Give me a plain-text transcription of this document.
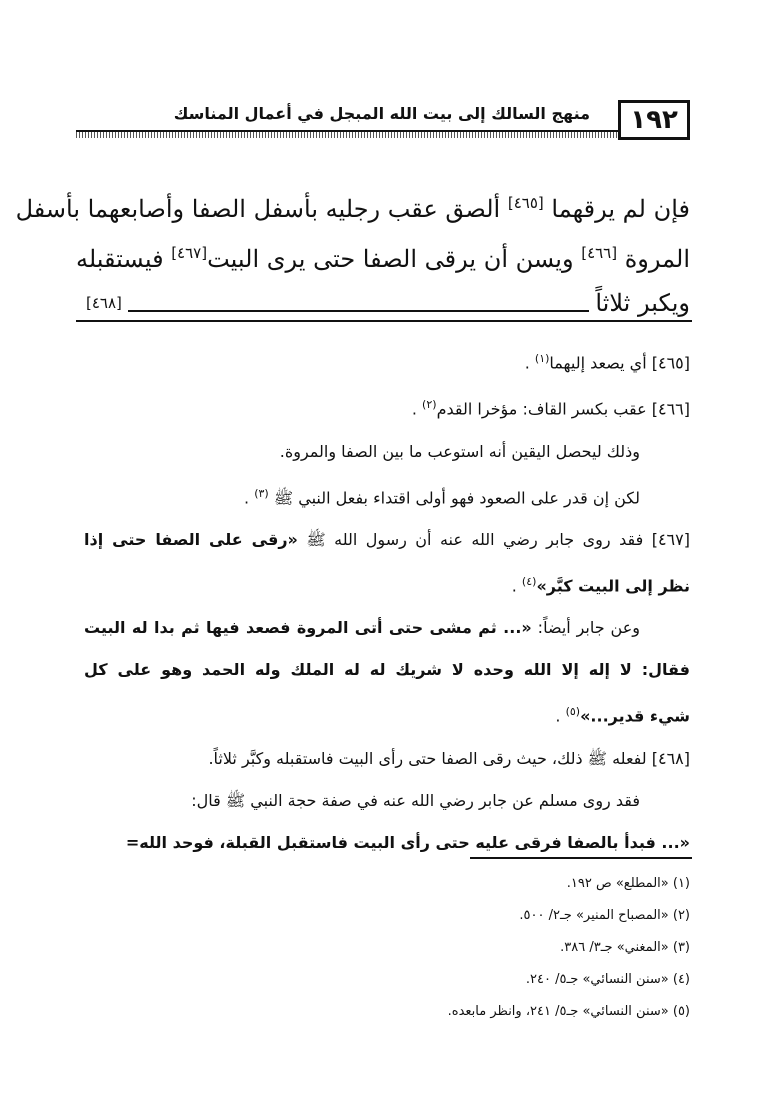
١٩٢
منهج السالك إلى بيت الله المبجل في أعمال المناسك
فإن لم يرقهما [٤٦٥] ألصق عقب رجليه بأسفل الصفا وأصابعهما بأسفل
المروة [٤٦٦] ويسن أن يرقى الصفا حتى يرى البيت[٤٦٧] فيستقبله
ويكبر ثلاثاً
[٤٦٨]
[٤٦٥] أي يصعد إليهما$^{(١)}$ .
[٤٦٦] عقب بكسر القاف: مؤخرا القدم$^{(٢)}$ .
وذلك ليحصل اليقين أنه استوعب ما بين الصفا والمروة.
لكن إن قدر على الصعود فهو أولى اقتداء بفعل النبي ﷺ $^{(٣)}$ .
[٤٦٧] فقد روى جابر رضي الله عنه أن رسول الله ﷺ «رقى على الصفا حتى إذا
نظر إلى البيت كبَّر»$^{(٤)}$ .
وعن جابر أيضاً: «... ثم مشى حتى أتى المروة فصعد فيها ثم بدا له البيت
فقال: لا إله إلا الله وحده لا شريك له له الملك وله الحمد وهو على كل
شيء قدير...»$^{(٥)}$ .
[٤٦٨] لفعله ﷺ ذلك، حيث رقى الصفا حتى رأى البيت فاستقبله وكبَّر ثلاثاً.
فقد روى مسلم عن جابر رضي الله عنه في صفة حجة النبي ﷺ قال:
«... فبدأ بالصفا فرقى عليه حتى رأى البيت فاستقبل القبلة، فوحد الله=
(١) «المطلع» ص ١٩٢.
(٢) «المصباح المنير» جـ٢/ ٥٠٠.
(٣) «المغني» جـ٣/ ٣٨٦.
(٤) «سنن النسائي» جـ٥/ ٢٤٠.
(٥) «سنن النسائي» جـ٥/ ٢٤١، وانظر مابعده.
